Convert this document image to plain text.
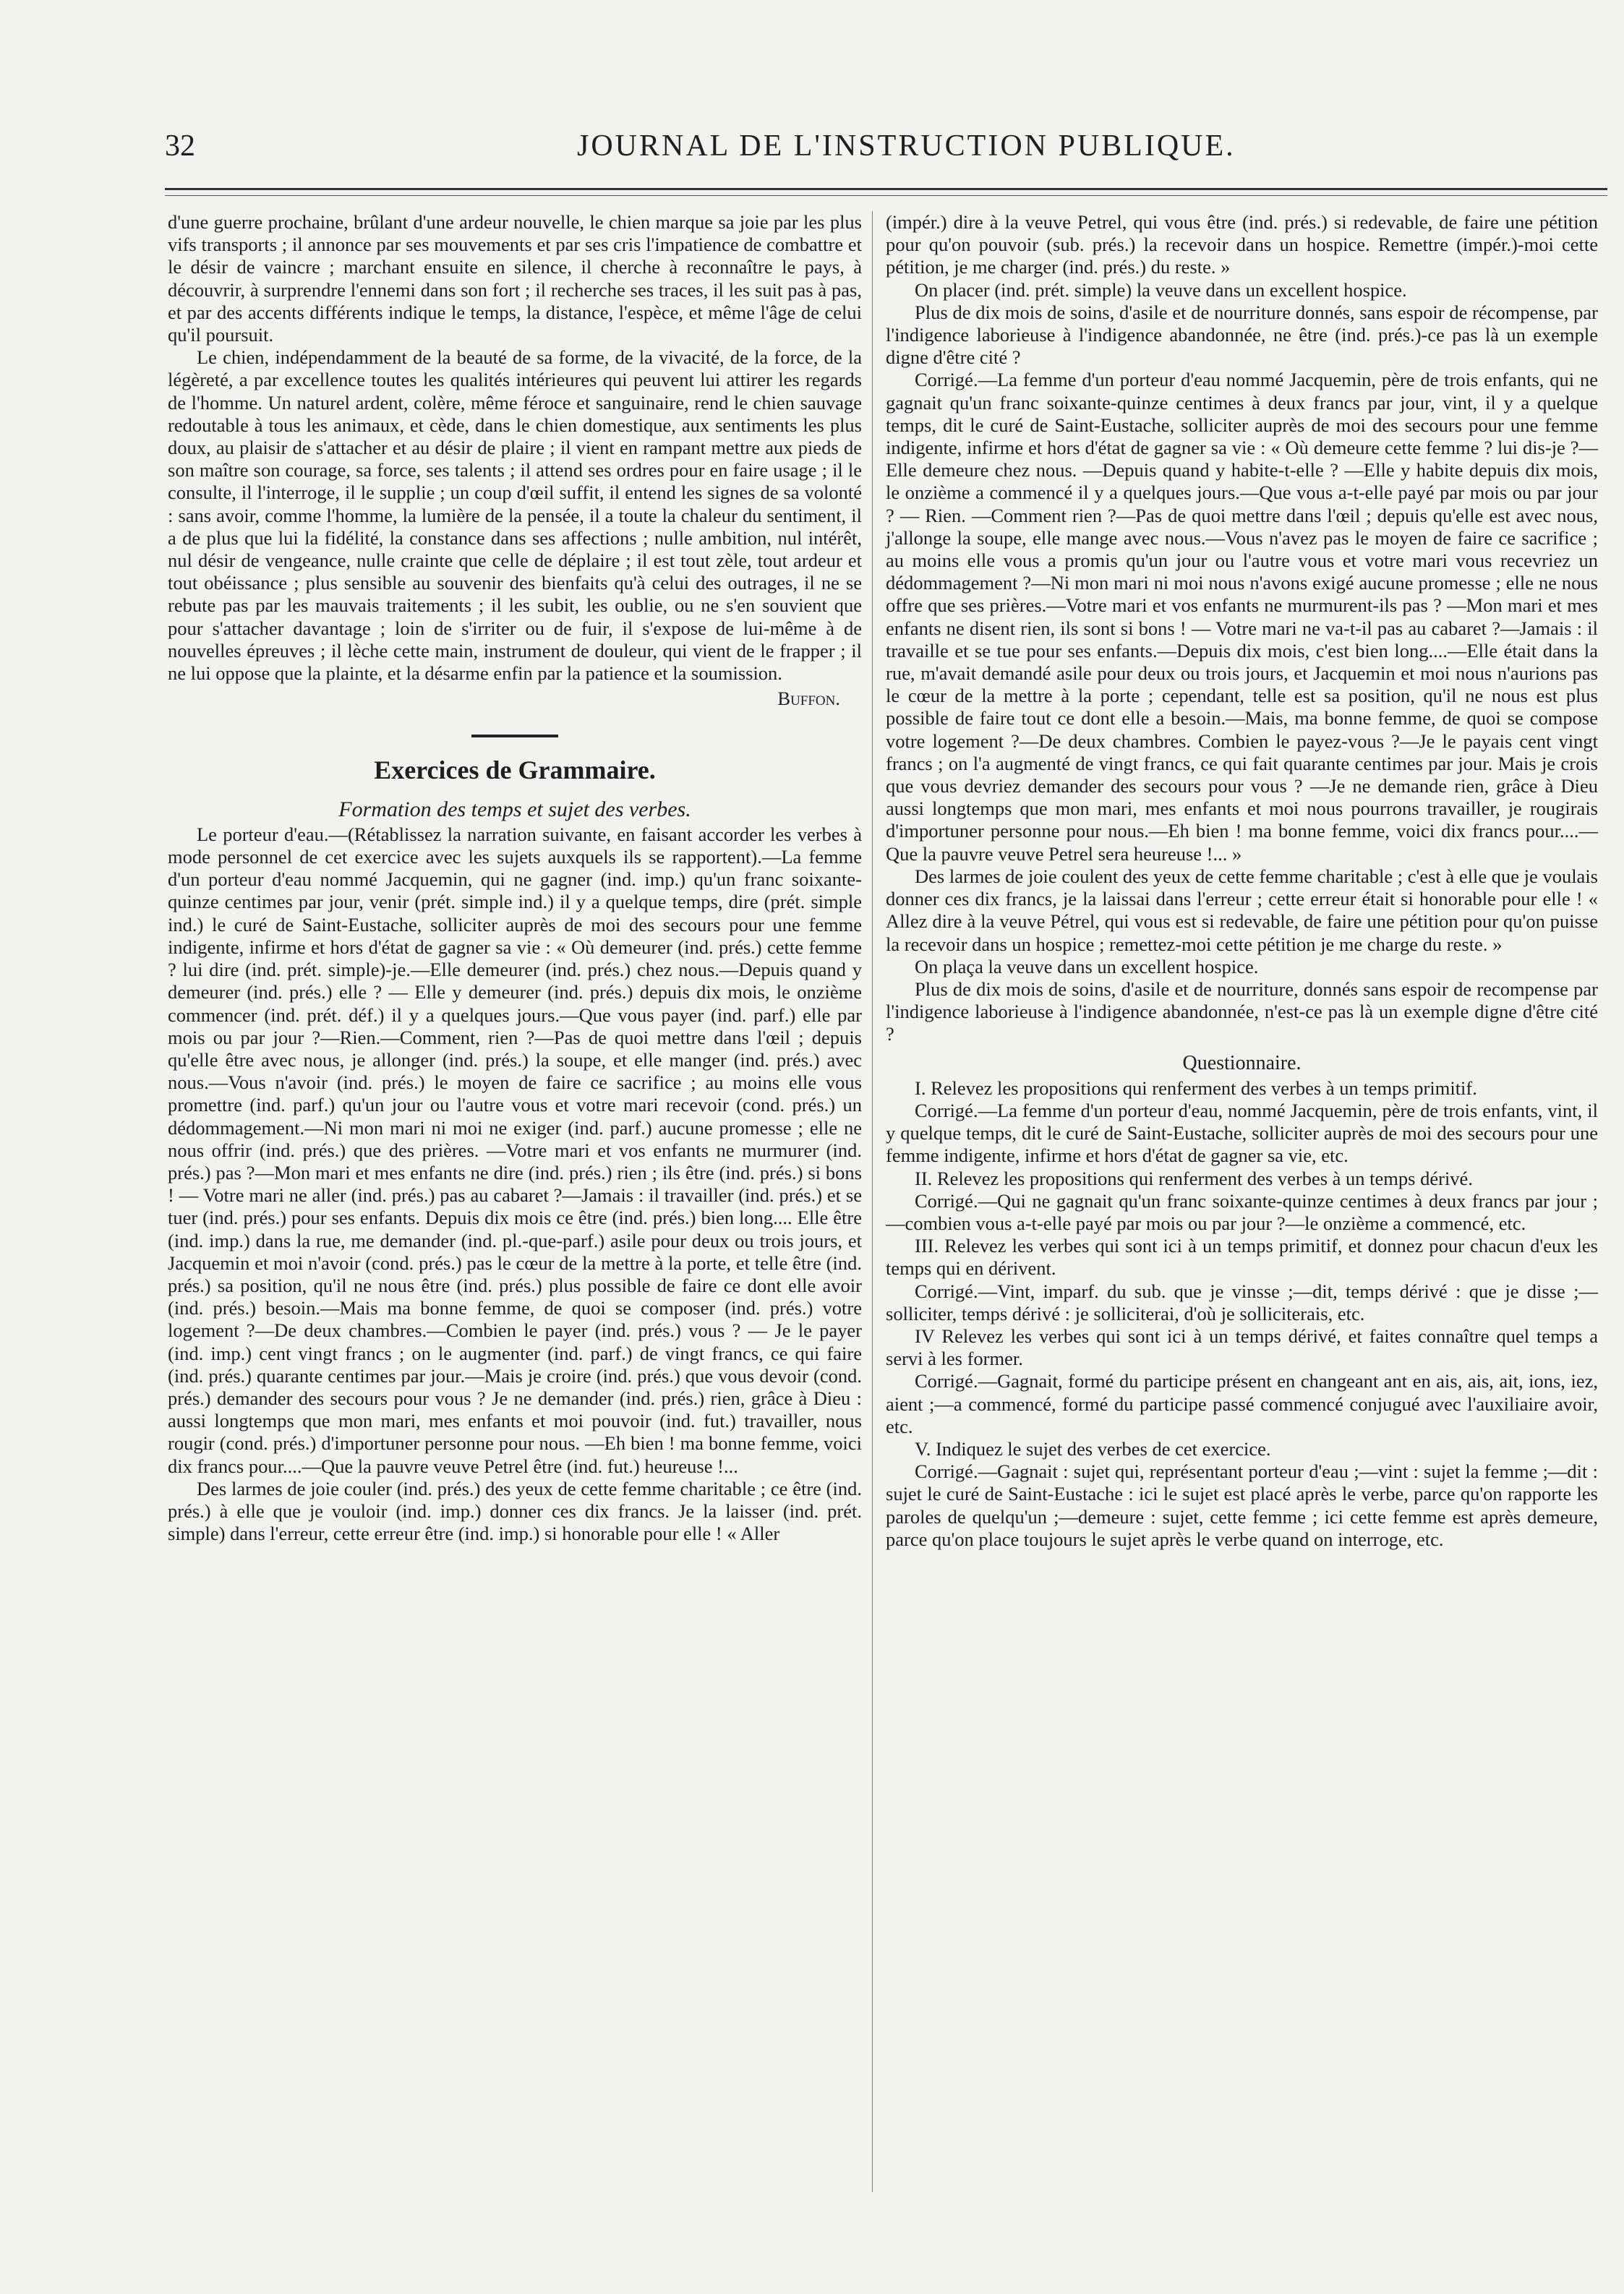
32	JOURNAL DE L'INSTRUCTION PUBLIQUE.

d'une guerre prochaine, brûlant d'une ardeur nouvelle, le chien marque sa joie par les plus vifs transports ; il annonce par ses mouvements et par ses cris l'impatience de combattre et le désir de vaincre ; marchant ensuite en silence, il cherche à reconnaître le pays, à découvrir, à surprendre l'ennemi dans son fort ; il recherche ses traces, il les suit pas à pas, et par des accents différents indique le temps, la distance, l'espèce, et même l'âge de celui qu'il poursuit.

Le chien, indépendamment de la beauté de sa forme, de la vivacité, de la force, de la légèreté, a par excellence toutes les qualités intérieures qui peuvent lui attirer les regards de l'homme. Un naturel ardent, colère, même féroce et sanguinaire, rend le chien sauvage redoutable à tous les animaux, et cède, dans le chien domestique, aux sentiments les plus doux, au plaisir de s'attacher et au désir de plaire ; il vient en rampant mettre aux pieds de son maître son courage, sa force, ses talents ; il attend ses ordres pour en faire usage ; il le consulte, il l'interroge, il le supplie ; un coup d'œil suffit, il entend les signes de sa volonté : sans avoir, comme l'homme, la lumière de la pensée, il a toute la chaleur du sentiment, il a de plus que lui la fidélité, la constance dans ses affections ; nulle ambition, nul intérêt, nul désir de vengeance, nulle crainte que celle de déplaire ; il est tout zèle, tout ardeur et tout obéissance ; plus sensible au souvenir des bienfaits qu'à celui des outrages, il ne se rebute pas par les mauvais traitements ; il les subit, les oublie, ou ne s'en souvient que pour s'attacher davantage ; loin de s'irriter ou de fuir, il s'expose de lui-même à de nouvelles épreuves ; il lèche cette main, instrument de douleur, qui vient de le frapper ; il ne lui oppose que la plainte, et la désarme enfin par la patience et la soumission.

Buffon.
Exercices de Grammaire.
Formation des temps et sujet des verbes.

Le porteur d'eau.—(Rétablissez la narration suivante, en faisant accorder les verbes à mode personnel de cet exercice avec les sujets auxquels ils se rapportent).—La femme d'un porteur d'eau nommé Jacquemin, qui ne gagner (ind. imp.) qu'un franc soixante-quinze centimes par jour, venir (prét. simple ind.) il y a quelque temps, dire (prét. simple ind.) le curé de Saint-Eustache, solliciter auprès de moi des secours pour une femme indigente, infirme et hors d'état de gagner sa vie : « Où demeurer (ind. prés.) cette femme ? lui dire (ind. prét. simple)-je.—Elle demeurer (ind. prés.) chez nous.—Depuis quand y demeurer (ind. prés.) elle ? — Elle y demeurer (ind. prés.) depuis dix mois, le onzième commencer (ind. prét. déf.) il y a quelques jours.—Que vous payer (ind. parf.) elle par mois ou par jour ?—Rien.—Comment, rien ?—Pas de quoi mettre dans l'œil ; depuis qu'elle être avec nous, je allonger (ind. prés.) la soupe, et elle manger (ind. prés.) avec nous.—Vous n'avoir (ind. prés.) le moyen de faire ce sacrifice ; au moins elle vous promettre (ind. parf.) qu'un jour ou l'autre vous et votre mari recevoir (cond. prés.) un dédommagement.—Ni mon mari ni moi ne exiger (ind. parf.) aucune promesse ; elle ne nous offrir (ind. prés.) que des prières. —Votre mari et vos enfants ne murmurer (ind. prés.) pas ?—Mon mari et mes enfants ne dire (ind. prés.) rien ; ils être (ind. prés.) si bons ! — Votre mari ne aller (ind. prés.) pas au cabaret ?—Jamais : il travailler (ind. prés.) et se tuer (ind. prés.) pour ses enfants. Depuis dix mois ce être (ind. prés.) bien long.... Elle être (ind. imp.) dans la rue, me demander (ind. pl.-que-parf.) asile pour deux ou trois jours, et Jacquemin et moi n'avoir (cond. prés.) pas le cœur de la mettre à la porte, et telle être (ind. prés.) sa position, qu'il ne nous être (ind. prés.) plus possible de faire ce dont elle avoir (ind. prés.) besoin.—Mais ma bonne femme, de quoi se composer (ind. prés.) votre logement ?—De deux chambres.—Combien le payer (ind. prés.) vous ? — Je le payer (ind. imp.) cent vingt francs ; on le augmenter (ind. parf.) de vingt francs, ce qui faire (ind. prés.) quarante centimes par jour.—Mais je croire (ind. prés.) que vous devoir (cond. prés.) demander des secours pour vous ? Je ne demander (ind. prés.) rien, grâce à Dieu : aussi longtemps que mon mari, mes enfants et moi pouvoir (ind. fut.) travailler, nous rougir (cond. prés.) d'importuner personne pour nous. —Eh bien ! ma bonne femme, voici dix francs pour....—Que la pauvre veuve Petrel être (ind. fut.) heureuse !...

Des larmes de joie couler (ind. prés.) des yeux de cette femme charitable ; ce être (ind. prés.) à elle que je vouloir (ind. imp.) donner ces dix francs. Je la laisser (ind. prét. simple) dans l'erreur, cette erreur être (ind. imp.) si honorable pour elle ! « Aller

(impér.) dire à la veuve Petrel, qui vous être (ind. prés.) si redevable, de faire une pétition pour qu'on pouvoir (sub. prés.) la recevoir dans un hospice. Remettre (impér.)-moi cette pétition, je me charger (ind. prés.) du reste. »

On placer (ind. prét. simple) la veuve dans un excellent hospice.

Plus de dix mois de soins, d'asile et de nourriture donnés, sans espoir de récompense, par l'indigence laborieuse à l'indigence abandonnée, ne être (ind. prés.)-ce pas là un exemple digne d'être cité ?

Corrigé.—La femme d'un porteur d'eau nommé Jacquemin, père de trois enfants, qui ne gagnait qu'un franc soixante-quinze centimes à deux francs par jour, vint, il y a quelque temps, dit le curé de Saint-Eustache, solliciter auprès de moi des secours pour une femme indigente, infirme et hors d'état de gagner sa vie : « Où demeure cette femme ? lui dis-je ?—Elle demeure chez nous. —Depuis quand y habite-t-elle ? —Elle y habite depuis dix mois, le onzième a commencé il y a quelques jours.—Que vous a-t-elle payé par mois ou par jour ? — Rien. —Comment rien ?—Pas de quoi mettre dans l'œil ; depuis qu'elle est avec nous, j'allonge la soupe, elle mange avec nous.—Vous n'avez pas le moyen de faire ce sacrifice ; au moins elle vous a promis qu'un jour ou l'autre vous et votre mari vous recevriez un dédommagement ?—Ni mon mari ni moi nous n'avons exigé aucune promesse ; elle ne nous offre que ses prières.—Votre mari et vos enfants ne murmurent-ils pas ? —Mon mari et mes enfants ne disent rien, ils sont si bons ! — Votre mari ne va-t-il pas au cabaret ?—Jamais : il travaille et se tue pour ses enfants.—Depuis dix mois, c'est bien long....—Elle était dans la rue, m'avait demandé asile pour deux ou trois jours, et Jacquemin et moi nous n'aurions pas le cœur de la mettre à la porte ; cependant, telle est sa position, qu'il ne nous est plus possible de faire tout ce dont elle a besoin.—Mais, ma bonne femme, de quoi se compose votre logement ?—De deux chambres. Combien le payez-vous ?—Je le payais cent vingt francs ; on l'a augmenté de vingt francs, ce qui fait quarante centimes par jour. Mais je crois que vous devriez demander des secours pour vous ? —Je ne demande rien, grâce à Dieu aussi longtemps que mon mari, mes enfants et moi nous pourrons travailler, je rougirais d'importuner personne pour nous.—Eh bien ! ma bonne femme, voici dix francs pour....—Que la pauvre veuve Petrel sera heureuse !... »

Des larmes de joie coulent des yeux de cette femme charitable ; c'est à elle que je voulais donner ces dix francs, je la laissai dans l'erreur ; cette erreur était si honorable pour elle ! « Allez dire à la veuve Pétrel, qui vous est si redevable, de faire une pétition pour qu'on puisse la recevoir dans un hospice ; remettez-moi cette pétition je me charge du reste. »

On plaça la veuve dans un excellent hospice.

Plus de dix mois de soins, d'asile et de nourriture, donnés sans espoir de recompense par l'indigence laborieuse à l'indigence abandonnée, n'est-ce pas là un exemple digne d'être cité ?

Questionnaire.

I. Relevez les propositions qui renferment des verbes à un temps primitif.

Corrigé.—La femme d'un porteur d'eau, nommé Jacquemin, père de trois enfants, vint, il y quelque temps, dit le curé de Saint-Eustache, solliciter auprès de moi des secours pour une femme indigente, infirme et hors d'état de gagner sa vie, etc.

II. Relevez les propositions qui renferment des verbes à un temps dérivé.

Corrigé.—Qui ne gagnait qu'un franc soixante-quinze centimes à deux francs par jour ;—combien vous a-t-elle payé par mois ou par jour ?—le onzième a commencé, etc.

III. Relevez les verbes qui sont ici à un temps primitif, et donnez pour chacun d'eux les temps qui en dérivent.

Corrigé.—Vint, imparf. du sub. que je vinsse ;—dit, temps dérivé : que je disse ;—solliciter, temps dérivé : je solliciterai, d'où je solliciterais, etc.

IV Relevez les verbes qui sont ici à un temps dérivé, et faites connaître quel temps a servi à les former.

Corrigé.—Gagnait, formé du participe présent en changeant ant en ais, ais, ait, ions, iez, aient ;—a commencé, formé du participe passé commencé conjugué avec l'auxiliaire avoir, etc.

V. Indiquez le sujet des verbes de cet exercice.

Corrigé.—Gagnait : sujet qui, représentant porteur d'eau ;—vint : sujet la femme ;—dit : sujet le curé de Saint-Eustache : ici le sujet est placé après le verbe, parce qu'on rapporte les paroles de quelqu'un ;—demeure : sujet, cette femme ; ici cette femme est après demeure, parce qu'on place toujours le sujet après le verbe quand on interroge, etc.
